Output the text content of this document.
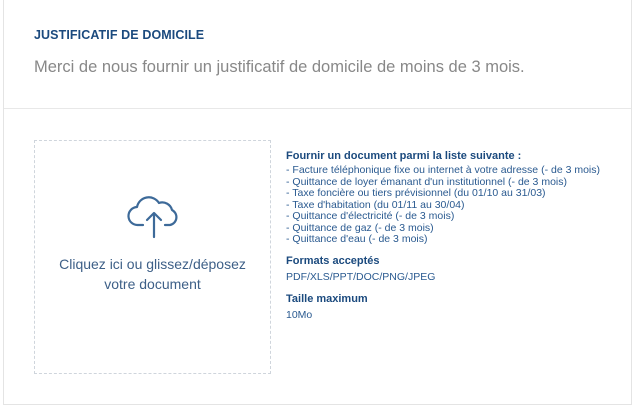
JUSTIFICATIF DE DOMICILE
Merci de nous fournir un justificatif de domicile de moins de 3 mois.
Cliquez ici ou glissez/déposez
votre document
Fournir un document parmi la liste suivante :
- Facture téléphonique fixe ou internet à votre adresse (- de 3 mois)
- Quittance de loyer émanant d'un institutionnel (- de 3 mois)
- Taxe foncière ou tiers prévisionnel (du 01/10 au 31/03)
- Taxe d'habitation (du 01/11 au 30/04)
- Quittance d'électricité (- de 3 mois)
- Quittance de gaz (- de 3 mois)
- Quittance d'eau (- de 3 mois)
Formats acceptés
PDF/XLS/PPT/DOC/PNG/JPEG
Taille maximum
10Mo
